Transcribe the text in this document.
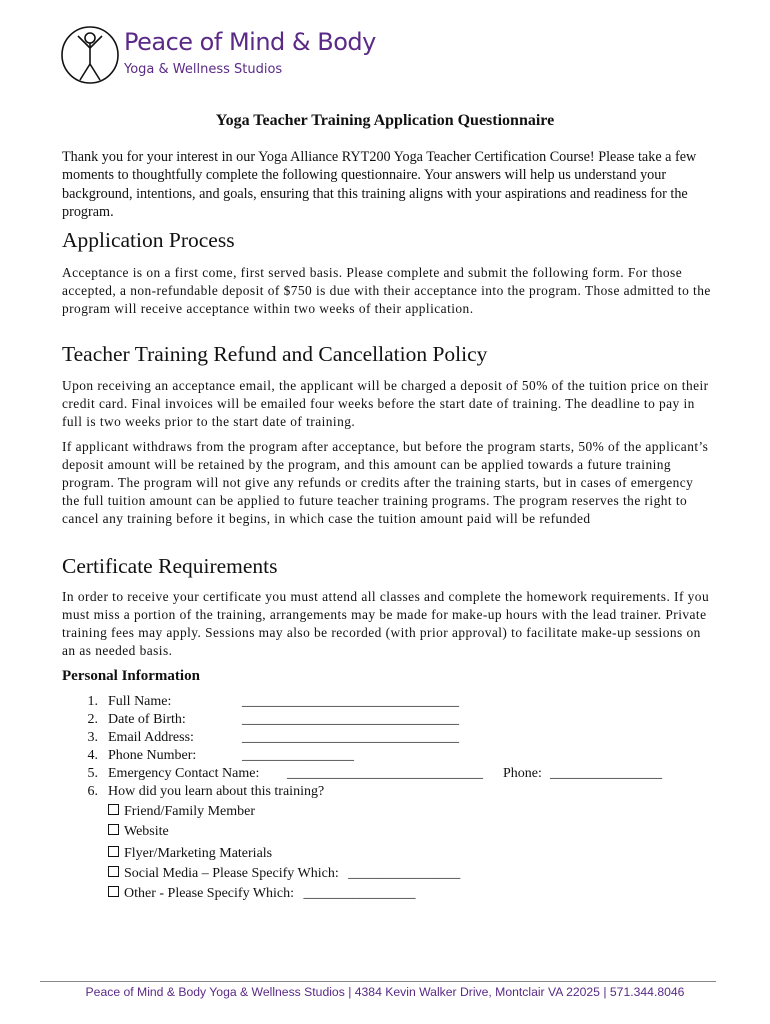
Peace of Mind & Body
Yoga & Wellness Studios
Yoga Teacher Training Application Questionnaire
Thank you for your interest in our Yoga Alliance RYT200 Yoga Teacher Certification Course! Please take a few moments to thoughtfully complete the following questionnaire. Your answers will help us understand your background, intentions, and goals, ensuring that this training aligns with your aspirations and readiness for the program.
Application Process

Acceptance is on a first come, first served basis. Please complete and submit the following form. For those accepted, a non-refundable deposit of $750 is due with their acceptance into the program. Those admitted to the program will receive acceptance within two weeks of their application.

Teacher Training Refund and Cancellation Policy

Upon receiving an acceptance email, the applicant will be charged a deposit of 50% of the tuition price on their credit card. Final invoices will be emailed four weeks before the start date of training. The deadline to pay in full is two weeks prior to the start date of training.

If applicant withdraws from the program after acceptance, but before the program starts, 50% of the applicant’s deposit amount will be retained by the program, and this amount can be applied towards a future training program. The program will not give any refunds or credits after the training starts, but in cases of emergency the full tuition amount can be applied to future teacher training programs. The program reserves the right to cancel any training before it begins, in which case the tuition amount paid will be refunded

Certificate Requirements

In order to receive your certificate you must attend all classes and complete the homework requirements. If you must miss a portion of the training, arrangements may be made for make-up hours with the lead trainer. Private training fees may apply. Sessions may also be recorded (with prior approval) to facilitate make-up sessions on an as needed basis.

Personal Information
1. Full Name:	_______________________________
2. Date of Birth:	_______________________________
3. Email Address:	_______________________________
4. Phone Number:	________________
5. Emergency Contact Name: ____________________________ Phone: ________________
6. How did you learn about this training?
Friend/Family Member
Website
Flyer/Marketing Materials
Social Media – Please Specify Which: ________________
Other - Please Specify Which: ________________
Peace of Mind & Body Yoga & Wellness Studios | 4384 Kevin Walker Drive, Montclair VA 22025 | 571.344.8046
